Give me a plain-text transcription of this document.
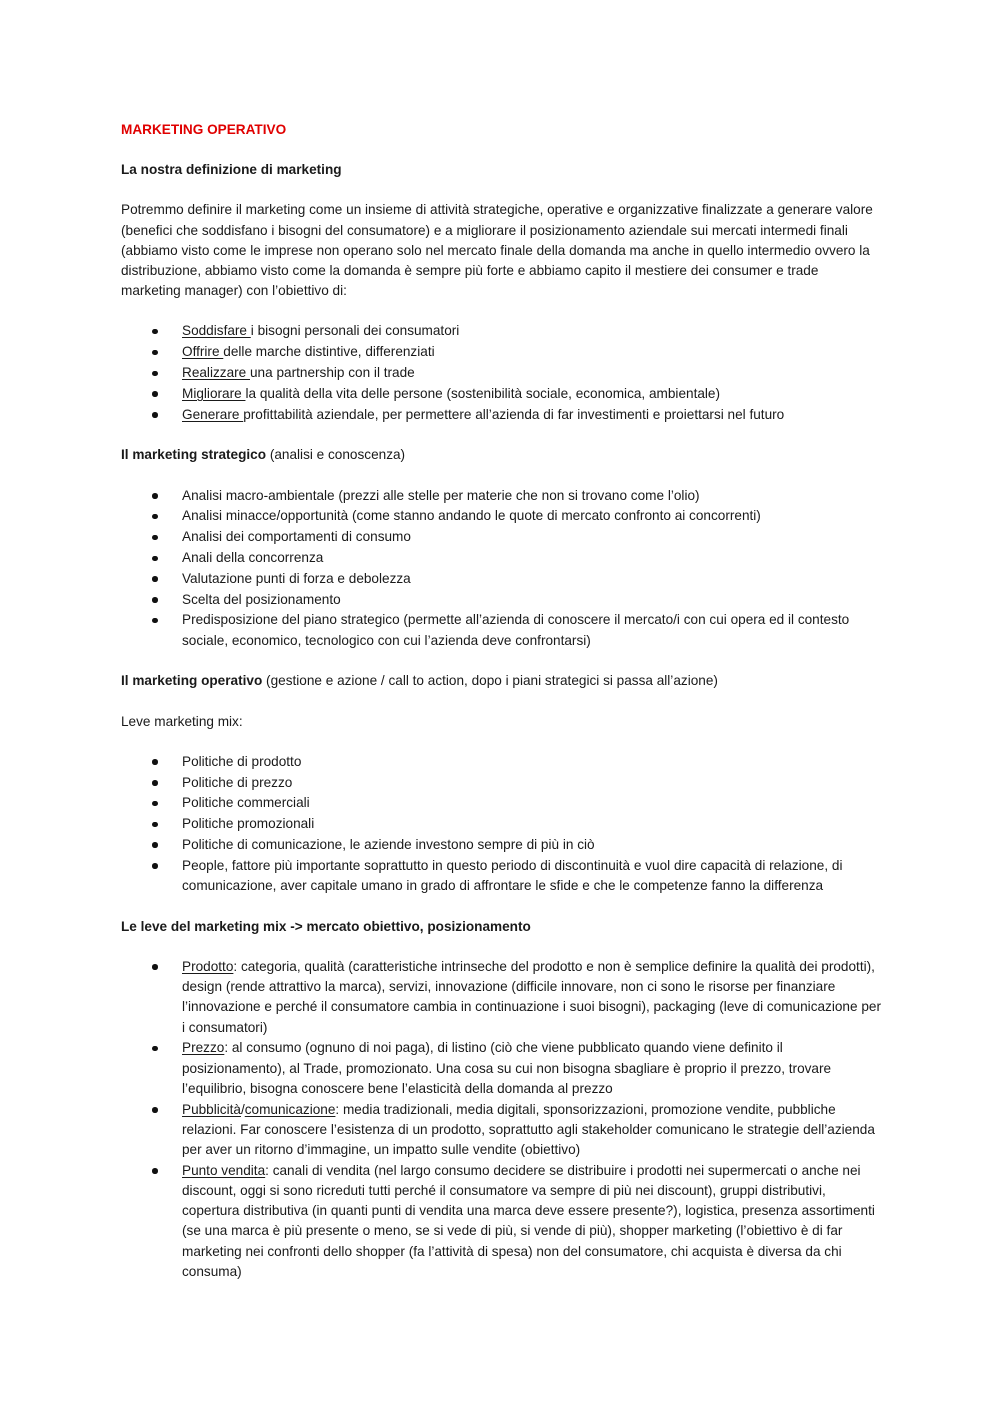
MARKETING OPERATIVO

La nostra definizione di marketing

Potremmo definire il marketing come un insieme di attività strategiche, operative e organizzative finalizzate a generare valore (benefici che soddisfano i bisogni del consumatore) e a migliorare il posizionamento aziendale sui mercati intermedi finali (abbiamo visto come le imprese non operano solo nel mercato finale della domanda ma anche in quello intermedio ovvero la distribuzione, abbiamo visto come la domanda è sempre più forte e abbiamo capito il mestiere dei consumer e trade marketing manager) con l’obiettivo di:

Soddisfare i bisogni personali dei consumatori
Offrire delle marche distintive, differenziati
Realizzare una partnership con il trade
Migliorare la qualità della vita delle persone (sostenibilità sociale, economica, ambientale)
Generare profittabilità aziendale, per permettere all’azienda di far investimenti e proiettarsi nel futuro

Il marketing strategico (analisi e conoscenza)

Analisi macro-ambientale (prezzi alle stelle per materie che non si trovano come l’olio)
Analisi minacce/opportunità (come stanno andando le quote di mercato confronto ai concorrenti)
Analisi dei comportamenti di consumo
Anali della concorrenza
Valutazione punti di forza e debolezza
Scelta del posizionamento
Predisposizione del piano strategico (permette all’azienda di conoscere il mercato/i con cui opera ed il contesto sociale, economico, tecnologico con cui l’azienda deve confrontarsi)

Il marketing operativo (gestione e azione / call to action, dopo i piani strategici si passa all’azione)

Leve marketing mix:

Politiche di prodotto
Politiche di prezzo
Politiche commerciali
Politiche promozionali
Politiche di comunicazione, le aziende investono sempre di più in ciò
People, fattore più importante soprattutto in questo periodo di discontinuità e vuol dire capacità di relazione, di comunicazione, aver capitale umano in grado di affrontare le sfide e che le competenze fanno la differenza

Le leve del marketing mix -> mercato obiettivo, posizionamento

Prodotto: categoria, qualità (caratteristiche intrinseche del prodotto e non è semplice definire la qualità dei prodotti), design (rende attrattivo la marca), servizi, innovazione (difficile innovare, non ci sono le risorse per finanziare l’innovazione e perché il consumatore cambia in continuazione i suoi bisogni), packaging (leve di comunicazione per i consumatori)
Prezzo: al consumo (ognuno di noi paga), di listino (ciò che viene pubblicato quando viene definito il posizionamento), al Trade, promozionato. Una cosa su cui non bisogna sbagliare è proprio il prezzo, trovare l’equilibrio, bisogna conoscere bene l’elasticità della domanda al prezzo
Pubblicità/comunicazione: media tradizionali, media digitali, sponsorizzazioni, promozione vendite, pubbliche relazioni. Far conoscere l’esistenza di un prodotto, soprattutto agli stakeholder comunicano le strategie dell’azienda per aver un ritorno d’immagine, un impatto sulle vendite (obiettivo)
Punto vendita: canali di vendita (nel largo consumo decidere se distribuire i prodotti nei supermercati o anche nei discount, oggi si sono ricreduti tutti perché il consumatore va sempre di più nei discount), gruppi distributivi, copertura distributiva (in quanti punti di vendita una marca deve essere presente?), logistica, presenza assortimenti (se una marca è più presente o meno, se si vede di più, si vende di più), shopper marketing (l’obiettivo è di far marketing nei confronti dello shopper (fa l’attività di spesa) non del consumatore, chi acquista è diversa da chi consuma)
